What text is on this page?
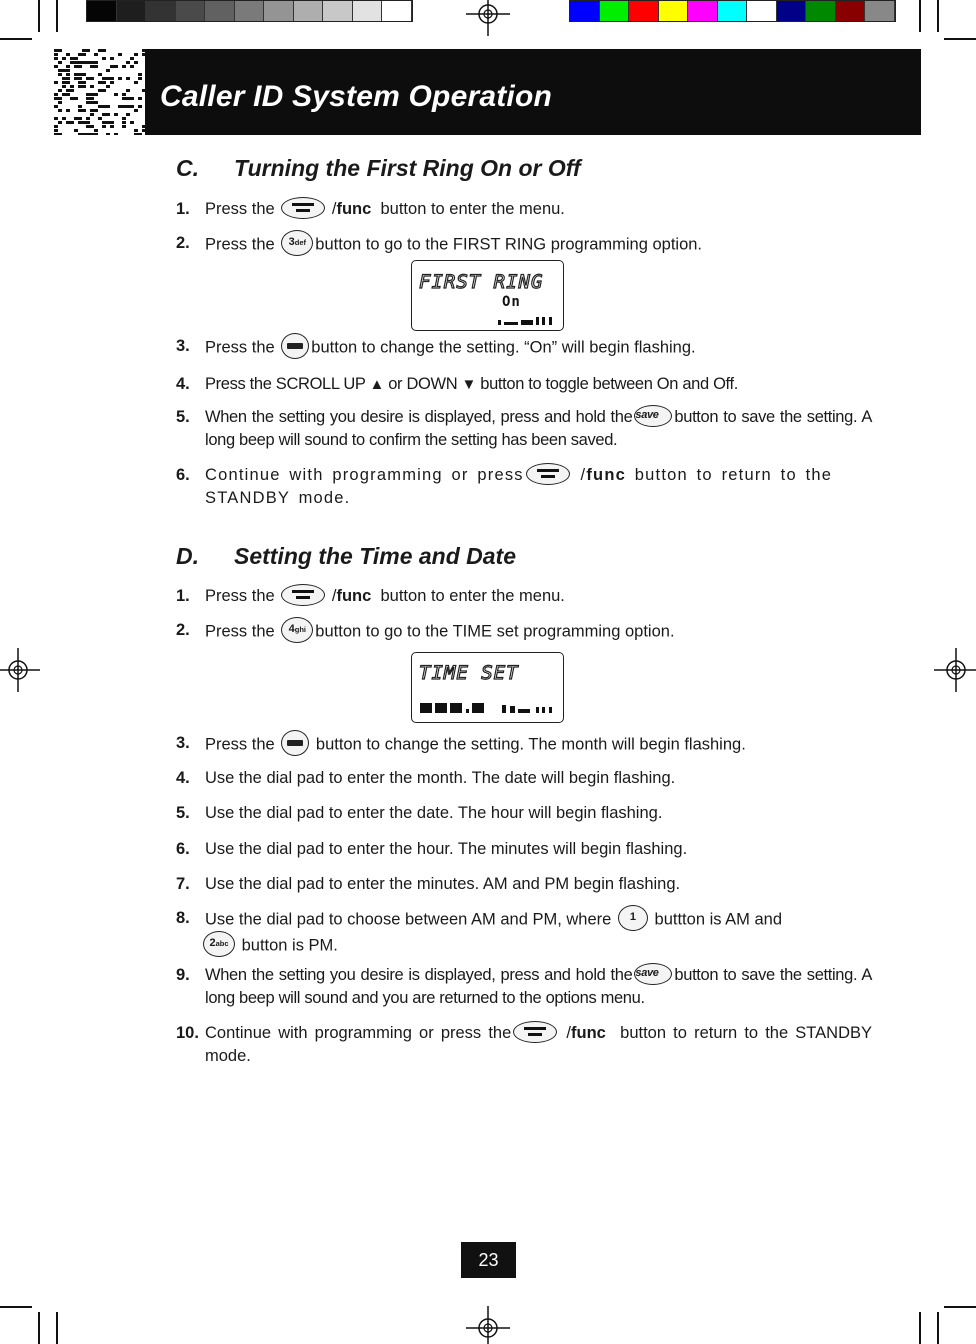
Caller ID System Operation
C. Turning the First Ring On or Off
1. Press the	/func button to enter the menu.
2. Press the 3def button to go to the FIRST RING programming option.
FIRST RING
On
3. Press the button to change the setting. “On” will begin flashing.
4. Press the SCROLL UP ▲ or DOWN ▼ button to toggle between On and Off.
5. When the setting you desire is displayed, press and hold the save button to save the setting. A long beep will sound to confirm the setting has been saved.
6. Continue with programming or press	/func button to return to the STANDBY mode.
D. Setting the Time and Date
1. Press the	/func button to enter the menu.
2. Press the 4ghi button to go to the TIME set programming option.
TIME SET
3. Press the button to change the setting. The month will begin flashing.
4. Use the dial pad to enter the month. The date will begin flashing.
5. Use the dial pad to enter the date. The hour will begin flashing.
6. Use the dial pad to enter the hour. The minutes will begin flashing.
7. Use the dial pad to enter the minutes. AM and PM begin flashing.
8. Use the dial pad to choose between AM and PM, where 1 buttton is AM and
2abc button is PM.
9. When the setting you desire is displayed, press and hold the save button to save the setting. A long beep will sound and you are returned to the options menu.
10. Continue with programming or press the	/func button to return to the STANDBY mode.
23
